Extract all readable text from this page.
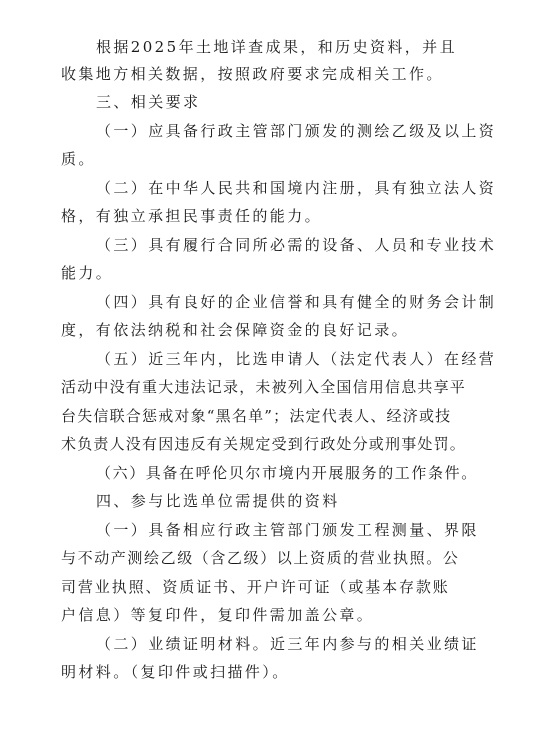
根据2025年土地详查成果，和历史资料，并且
收集地方相关数据，按照政府要求完成相关工作。
三、相关要求
（一）应具备行政主管部门颁发的测绘乙级及以上资
质。
（二）在中华人民共和国境内注册，具有独立法人资
格，有独立承担民事责任的能力。
（三）具有履行合同所必需的设备、人员和专业技术
能力。
（四）具有良好的企业信誉和具有健全的财务会计制
度，有依法纳税和社会保障资金的良好记录。
（五）近三年内，比选申请人（法定代表人）在经营
活动中没有重大违法记录，未被列入全国信用信息共享平
台失信联合惩戒对象“黑名单”；法定代表人、经济或技
术负责人没有因违反有关规定受到行政处分或刑事处罚。
（六）具备在呼伦贝尔市境内开展服务的工作条件。
四、参与比选单位需提供的资料
（一）具备相应行政主管部门颁发工程测量、界限
与不动产测绘乙级（含乙级）以上资质的营业执照。公
司营业执照、资质证书、开户许可证（或基本存款账
户信息）等复印件，复印件需加盖公章。
（二）业绩证明材料。近三年内参与的相关业绩证
明材料。（复印件或扫描件）。
